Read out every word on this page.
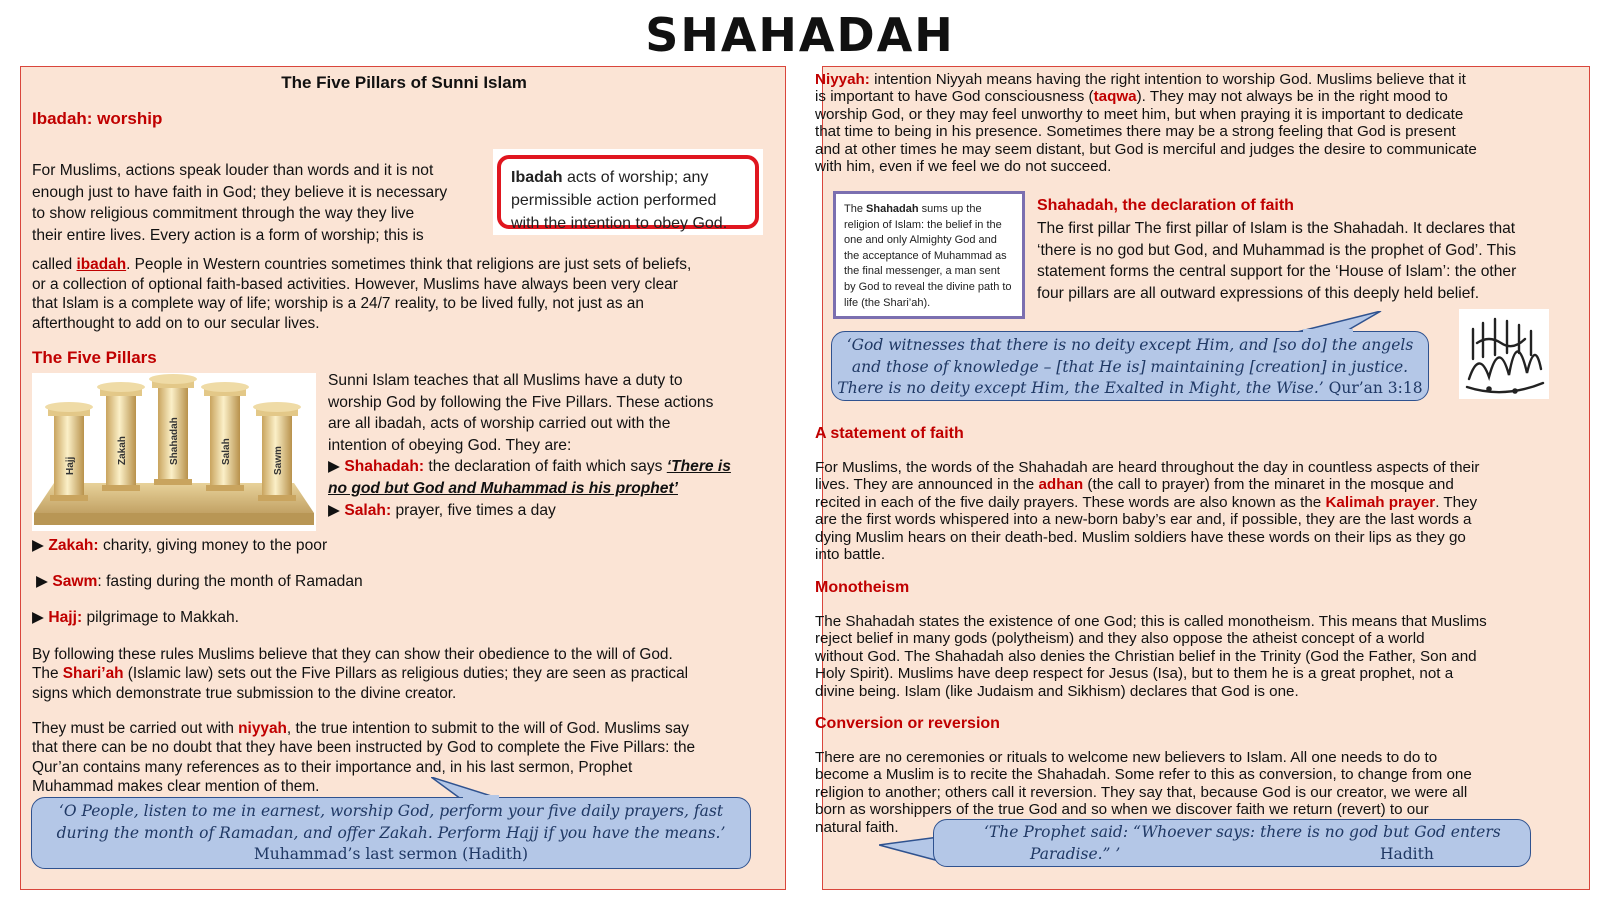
SHAHADAH
The Five Pillars of Sunni Islam
Ibadah: worship
For Muslims, actions speak louder than words and it is not
enough just to have faith in God; they believe it is necessary
to show religious commitment through the way they live
their entire lives. Every action is a form of worship; this is
Ibadah acts of worship; any permissible action performed with the intention to obey God.
called ibadah. People in Western countries sometimes think that religions are just sets of beliefs,
or a collection of optional faith-based activities. However, Muslims have always been very clear
that Islam is a complete way of life; worship is a 24/7 reality, to be lived fully, not just as an
afterthought to add on to our secular lives.
The Five Pillars
Hajj
Zakah	Shahadah	Salah	Sawm
Sunni Islam teaches that all Muslims have a duty to
worship God by following the Five Pillars. These actions
are all ibadah, acts of worship carried out with the
intention of obeying God. They are:
▶ Shahadah: the declaration of faith which says ‘There is
no god but God and Muhammad is his prophet’
▶ Salah: prayer, five times a day
▶ Zakah: charity, giving money to the poor
▶ Sawm: fasting during the month of Ramadan
▶ Hajj: pilgrimage to Makkah.
By following these rules Muslims believe that they can show their obedience to the will of God.
The Shari’ah (Islamic law) sets out the Five Pillars as religious duties; they are seen as practical
signs which demonstrate true submission to the divine creator.
They must be carried out with niyyah, the true intention to submit to the will of God. Muslims say
that there can be no doubt that they have been instructed by God to complete the Five Pillars: the
Qur’an contains many references as to their importance and, in his last sermon, Prophet
Muhammad makes clear mention of them.
‘O People, listen to me in earnest, worship God, perform your five daily prayers, fast
during the month of Ramadan, and offer Zakah. Perform Hajj if you have the means.’
Muhammad’s last sermon (Hadith)
Niyyah: intention Niyyah means having the right intention to worship God. Muslims believe that it
is important to have God consciousness (taqwa). They may not always be in the right mood to
worship God, or they may feel unworthy to meet him, but when praying it is important to dedicate
that time to being in his presence. Sometimes there may be a strong feeling that God is present
and at other times he may seem distant, but God is merciful and judges the desire to communicate
with him, even if we feel we do not succeed.
The Shahadah sums up the religion of Islam: the belief in the one and only Almighty God and the acceptance of Muhammad as the final messenger, a man sent by God to reveal the divine path to life (the Shari’ah).
Shahadah, the declaration of faith
The first pillar The first pillar of Islam is the Shahadah. It declares that
‘there is no god but God, and Muhammad is the prophet of God’. This
statement forms the central support for the ‘House of Islam’: the other
four pillars are all outward expressions of this deeply held belief.
‘God witnesses that there is no deity except Him, and [so do] the angels
and those of knowledge – [that He is] maintaining [creation] in justice.
There is no deity except Him, the Exalted in Might, the Wise.’ Qur’an 3:18
A statement of faith
For Muslims, the words of the Shahadah are heard throughout the day in countless aspects of their
lives. They are announced in the adhan (the call to prayer) from the minaret in the mosque and
recited in each of the five daily prayers. These words are also known as the Kalimah prayer. They
are the first words whispered into a new-born baby’s ear and, if possible, they are the last words a
dying Muslim hears on their death-bed. Muslim soldiers have these words on their lips as they go
into battle.
Monotheism
The Shahadah states the existence of one God; this is called monotheism. This means that Muslims
reject belief in many gods (polytheism) and they also oppose the atheist concept of a world
without God. The Shahadah also denies the Christian belief in the Trinity (God the Father, Son and
Holy Spirit). Muslims have deep respect for Jesus (Isa), but to them he is a great prophet, not a
divine being. Islam (like Judaism and Sikhism) declares that God is one.
Conversion or reversion
There are no ceremonies or rituals to welcome new believers to Islam. All one needs to do to
become a Muslim is to recite the Shahadah. Some refer to this as conversion, to change from one
religion to another; others call it reversion. They say that, because God is our creator, we were all
born as worshippers of the true God and so when we discover faith we return (revert) to our
natural faith.	‘The Prophet said: “Whoever says: there is no god but God enters
Paradise.” ’	Hadith
